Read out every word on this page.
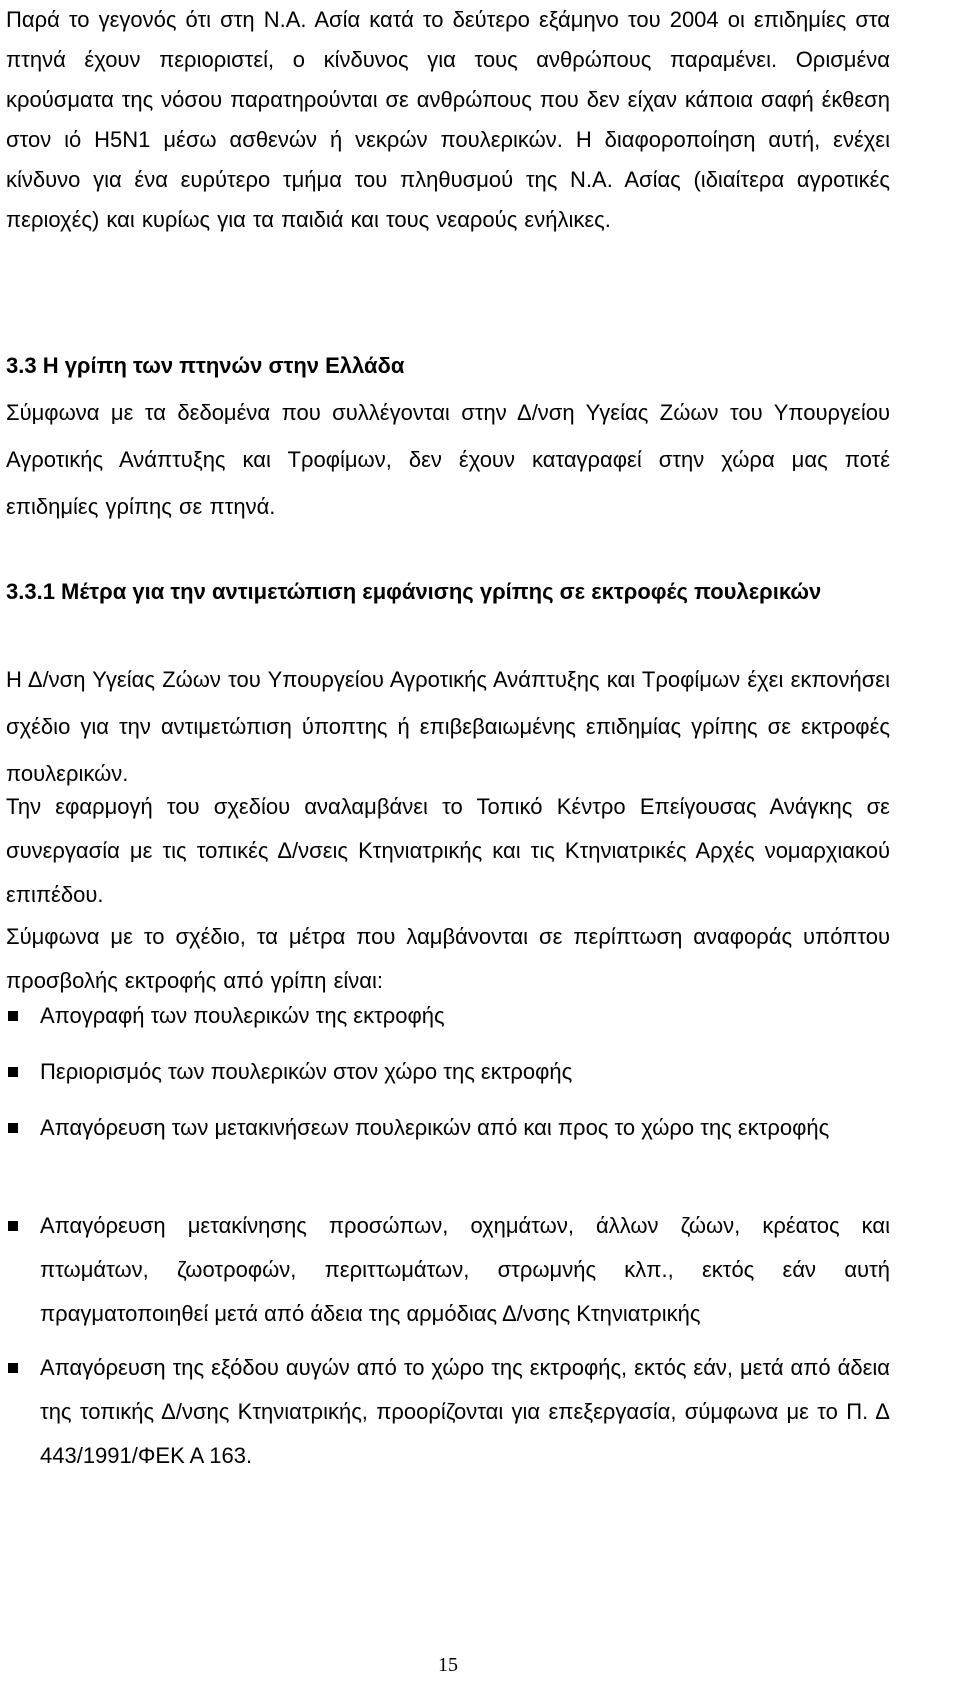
Παρά το γεγονός ότι στη Ν.Α. Ασία κατά το δεύτερο εξάμηνο του 2004 οι επιδημίες στα πτηνά έχουν περιοριστεί, ο κίνδυνος για τους ανθρώπους παραμένει. Ορισμένα κρούσματα της νόσου παρατηρούνται σε ανθρώπους που δεν είχαν κάποια σαφή έκθεση στον ιό H5N1 μέσω ασθενών ή νεκρών πουλερικών. Η διαφοροποίηση αυτή, ενέχει κίνδυνο για ένα ευρύτερο τμήμα του πληθυσμού της Ν.Α. Ασίας (ιδιαίτερα αγροτικές περιοχές) και κυρίως για τα παιδιά και τους νεαρούς ενήλικες.

3.3 Η γρίπη των πτηνών στην Ελλάδα

Σύμφωνα με τα δεδομένα που συλλέγονται στην Δ/νση Υγείας Ζώων του Υπουργείου Αγροτικής Ανάπτυξης και Τροφίμων, δεν έχουν καταγραφεί στην χώρα μας ποτέ επιδημίες γρίπης σε πτηνά.

3.3.1 Μέτρα για την αντιμετώπιση εμφάνισης γρίπης σε εκτροφές πουλερικών

Η Δ/νση Υγείας Ζώων του Υπουργείου Αγροτικής Ανάπτυξης και Τροφίμων έχει εκπονήσει σχέδιο για την αντιμετώπιση ύποπτης ή επιβεβαιωμένης επιδημίας γρίπης σε εκτροφές πουλερικών.

Την εφαρμογή του σχεδίου αναλαμβάνει το Τοπικό Κέντρο Επείγουσας Ανάγκης σε συνεργασία με τις τοπικές Δ/νσεις Κτηνιατρικής και τις Κτηνιατρικές Αρχές νομαρχιακού επιπέδου.

Σύμφωνα με το σχέδιο, τα μέτρα που λαμβάνονται σε περίπτωση αναφοράς υπόπτου προσβολής εκτροφής από γρίπη είναι:

Απογραφή των πουλερικών της εκτροφής
Περιορισμός των πουλερικών στον χώρο της εκτροφής
Απαγόρευση των μετακινήσεων πουλερικών από και προς το χώρο της εκτροφής
Απαγόρευση μετακίνησης προσώπων, οχημάτων, άλλων ζώων, κρέατος και πτωμάτων, ζωοτροφών, περιττωμάτων, στρωμνής κλπ., εκτός εάν αυτή πραγματοποιηθεί μετά από άδεια της αρμόδιας Δ/νσης Κτηνιατρικής
Απαγόρευση της εξόδου αυγών από το χώρο της εκτροφής, εκτός εάν, μετά από άδεια της τοπικής Δ/νσης Κτηνιατρικής, προορίζονται για επεξεργασία, σύμφωνα με το Π. Δ 443/1991/ΦΕΚ Α 163.
15
